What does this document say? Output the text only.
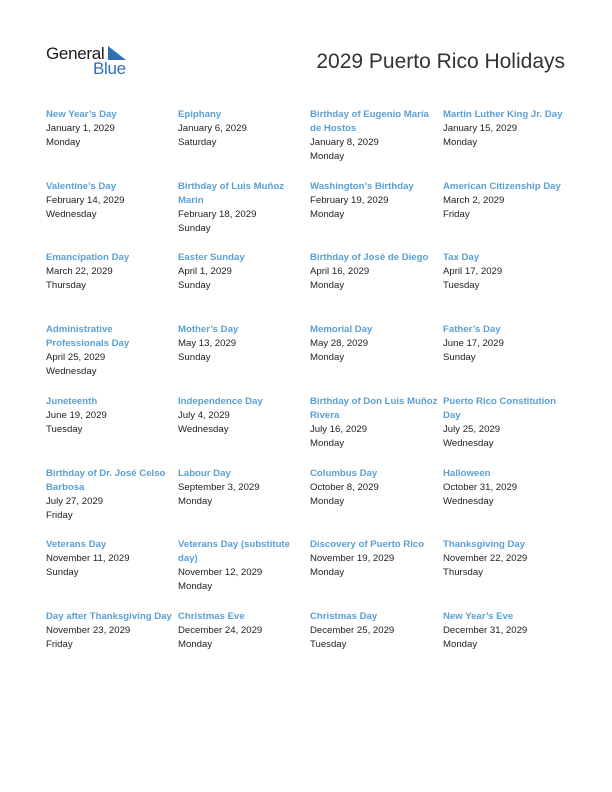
General
Blue	2029 Puerto Rico Holidays
New Year’s Day
January 1, 2029
Monday
Epiphany
January 6, 2029
Saturday
Birthday of Eugenio María de Hostos
January 8, 2029
Monday
Martin Luther King Jr. Day
January 15, 2029
Monday
Valentine’s Day
February 14, 2029
Wednesday
Birthday of Luis Muñoz Marín
February 18, 2029
Sunday
Washington’s Birthday
February 19, 2029
Monday
American Citizenship Day
March 2, 2029
Friday
Emancipation Day
March 22, 2029
Thursday
Easter Sunday
April 1, 2029
Sunday
Birthday of José de Diego
April 16, 2029
Monday
Tax Day
April 17, 2029
Tuesday
Administrative Professionals Day
April 25, 2029
Wednesday
Mother’s Day
May 13, 2029
Sunday
Memorial Day
May 28, 2029
Monday
Father’s Day
June 17, 2029
Sunday
Juneteenth
June 19, 2029
Tuesday
Independence Day
July 4, 2029
Wednesday
Birthday of Don Luis Muñoz Rivera
July 16, 2029
Monday
Puerto Rico Constitution Day
July 25, 2029
Wednesday
Birthday of Dr. José Celso Barbosa
July 27, 2029
Friday
Labour Day
September 3, 2029
Monday
Columbus Day
October 8, 2029
Monday
Halloween
October 31, 2029
Wednesday
Veterans Day
November 11, 2029
Sunday
Veterans Day (substitute day)
November 12, 2029
Monday
Discovery of Puerto Rico
November 19, 2029
Monday
Thanksgiving Day
November 22, 2029
Thursday
Day after Thanksgiving Day
November 23, 2029
Friday
Christmas Eve
December 24, 2029
Monday
Christmas Day
December 25, 2029
Tuesday
New Year’s Eve
December 31, 2029
Monday
